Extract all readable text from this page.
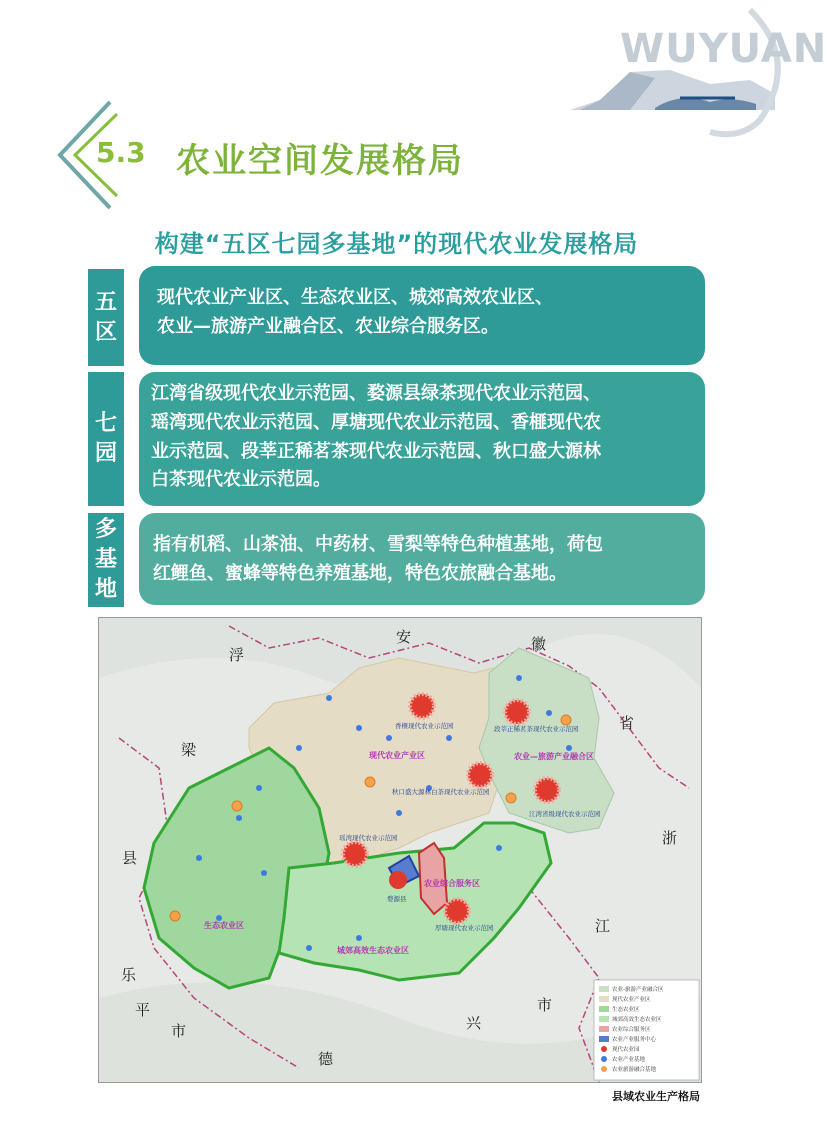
WUYUAN
5.3 农业空间发展格局
构建“五区七园多基地”的现代农业发展格局
五
区

现代农业产业区、生态农业区、城郊高效农业区、

农业—旅游产业融合区、农业综合服务区。

七
园

江湾省级现代农业示范园、婺源县绿茶现代农业示范园、

瑶湾现代农业示范园、厚塘现代农业示范园、香榧现代农

业示范园、段莘正稀茗茶现代农业示范园、秋口盛大源林

白茶现代农业示范园。

多
基
地

指有机稻、山茶油、中药材、雪梨等特色种植基地，荷包

红鲤鱼、蜜蜂等特色养殖基地，特色农旅融合基地。

安	徽
省
浙
江
浮
梁
县
乐
平
市
德
兴
市
现代农业产业区	农业—旅游产业融合区
生态农业区
城郊高效生态农业区
农业综合服务区
香榧现代农业示范园	段莘正稀茗茶现代农业示范园
秋口盛大源林白茶现代农业示范园
江湾省级现代农业示范园
瑶湾现代农业示范园
婺源县
厚塘现代农业示范园
农业-旅游产业融合区
现代农业产业区
生态农业区
城郊高效生态农业区
农业综合服务区
农业产业服务中心
现代农业园
农业产业基地
农业旅游融合基地
县域农业生产格局
